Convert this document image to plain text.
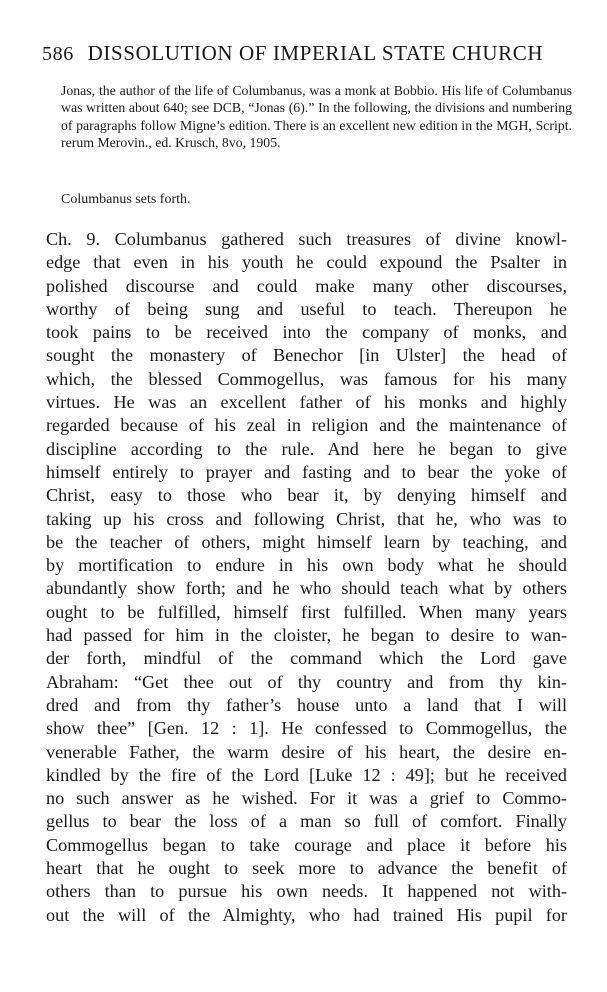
586 DISSOLUTION OF IMPERIAL STATE CHURCH

Jonas, the author of the life of Columbanus, was a monk at Bobbio. His life of Columbanus was written about 640; see DCB, “Jonas (6).” In the following, the divisions and numbering of paragraphs follow Migne’s edition. There is an excellent new edition in the MGH, Script. rerum Merovin., ed. Krusch, 8vo, 1905.

Columbanus sets forth.
Ch. 9. Columbanus gathered such treasures of divine knowl-
edge that even in his youth he could expound the Psalter in
polished discourse and could make many other discourses,
worthy of being sung and useful to teach. Thereupon he
took pains to be received into the company of monks, and
sought the monastery of Benechor [in Ulster] the head of
which, the blessed Commogellus, was famous for his many
virtues. He was an excellent father of his monks and highly
regarded because of his zeal in religion and the maintenance of
discipline according to the rule. And here he began to give
himself entirely to prayer and fasting and to bear the yoke of
Christ, easy to those who bear it, by denying himself and
taking up his cross and following Christ, that he, who was to
be the teacher of others, might himself learn by teaching, and
by mortification to endure in his own body what he should
abundantly show forth; and he who should teach what by others
ought to be fulfilled, himself first fulfilled. When many years
had passed for him in the cloister, he began to desire to wan-
der forth, mindful of the command which the Lord gave
Abraham: “Get thee out of thy country and from thy kin-
dred and from thy father’s house unto a land that I will
show thee” [Gen. 12 : 1]. He confessed to Commogellus, the
venerable Father, the warm desire of his heart, the desire en-
kindled by the fire of the Lord [Luke 12 : 49]; but he received
no such answer as he wished. For it was a grief to Commo-
gellus to bear the loss of a man so full of comfort. Finally
Commogellus began to take courage and place it before his
heart that he ought to seek more to advance the benefit of
others than to pursue his own needs. It happened not with-
out the will of the Almighty, who had trained His pupil for
